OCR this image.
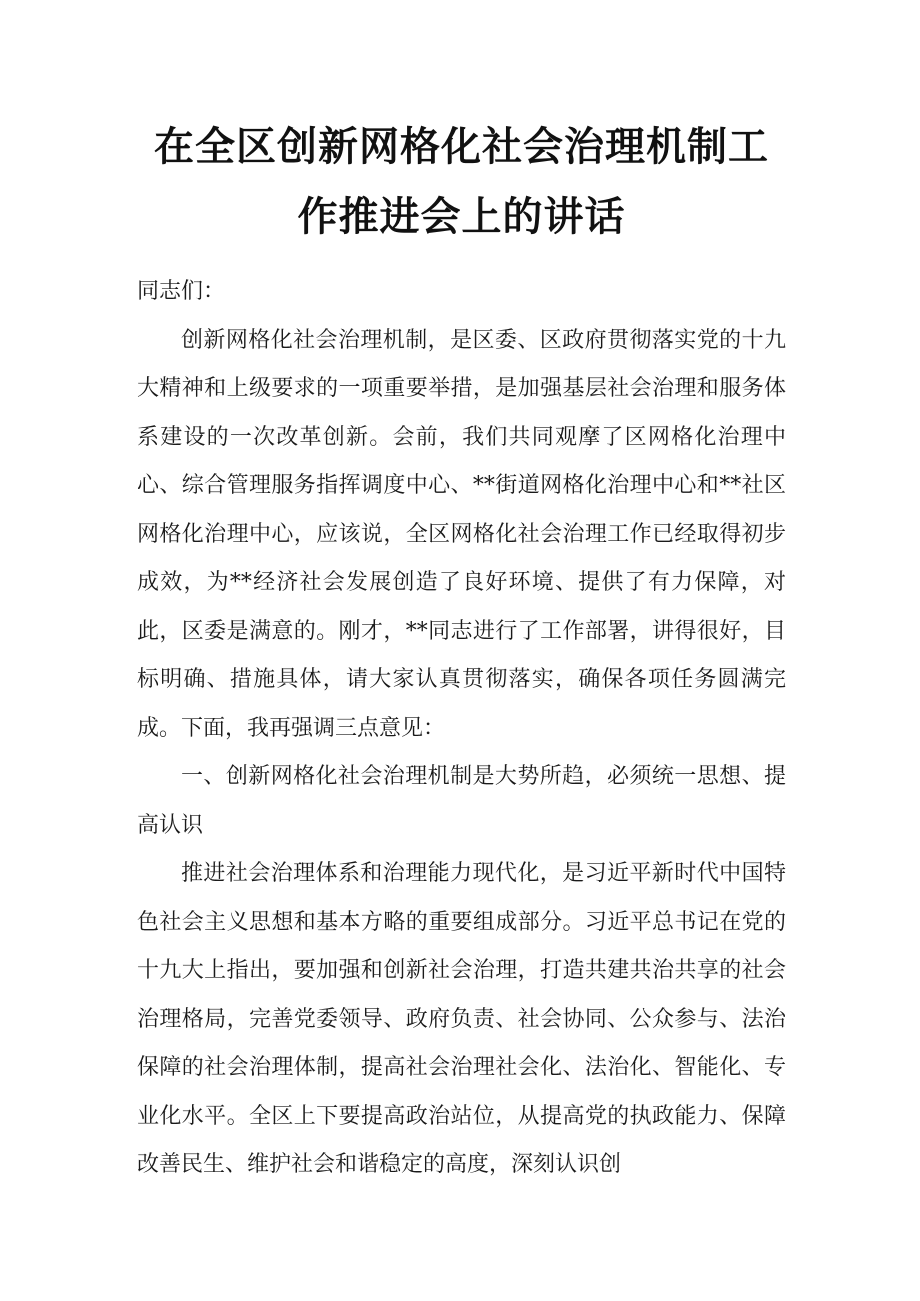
在全区创新网格化社会治理机制工
作推进会上的讲话

同志们：

创新网格化社会治理机制，是区委、区政府贯彻落实党的十九大精神和上级要求的一项重要举措，是加强基层社会治理和服务体系建设的一次改革创新。会前，我们共同观摩了区网格化治理中心、综合管理服务指挥调度中心、**街道网格化治理中心和**社区网格化治理中心，应该说，全区网格化社会治理工作已经取得初步成效，为**经济社会发展创造了良好环境、提供了有力保障，对此，区委是满意的。刚才，**同志进行了工作部署，讲得很好，目标明确、措施具体，请大家认真贯彻落实，确保各项任务圆满完成。下面，我再强调三点意见：

一、创新网格化社会治理机制是大势所趋，必须统一思想、提高认识

推进社会治理体系和治理能力现代化，是习近平新时代中国特色社会主义思想和基本方略的重要组成部分。习近平总书记在党的十九大上指出，要加强和创新社会治理，打造共建共治共享的社会治理格局，完善党委领导、政府负责、社会协同、公众参与、法治保障的社会治理体制，提高社会治理社会化、法治化、智能化、专业化水平。全区上下要提高政治站位，从提高党的执政能力、保障改善民生、维护社会和谐稳定的高度，深刻认识创
